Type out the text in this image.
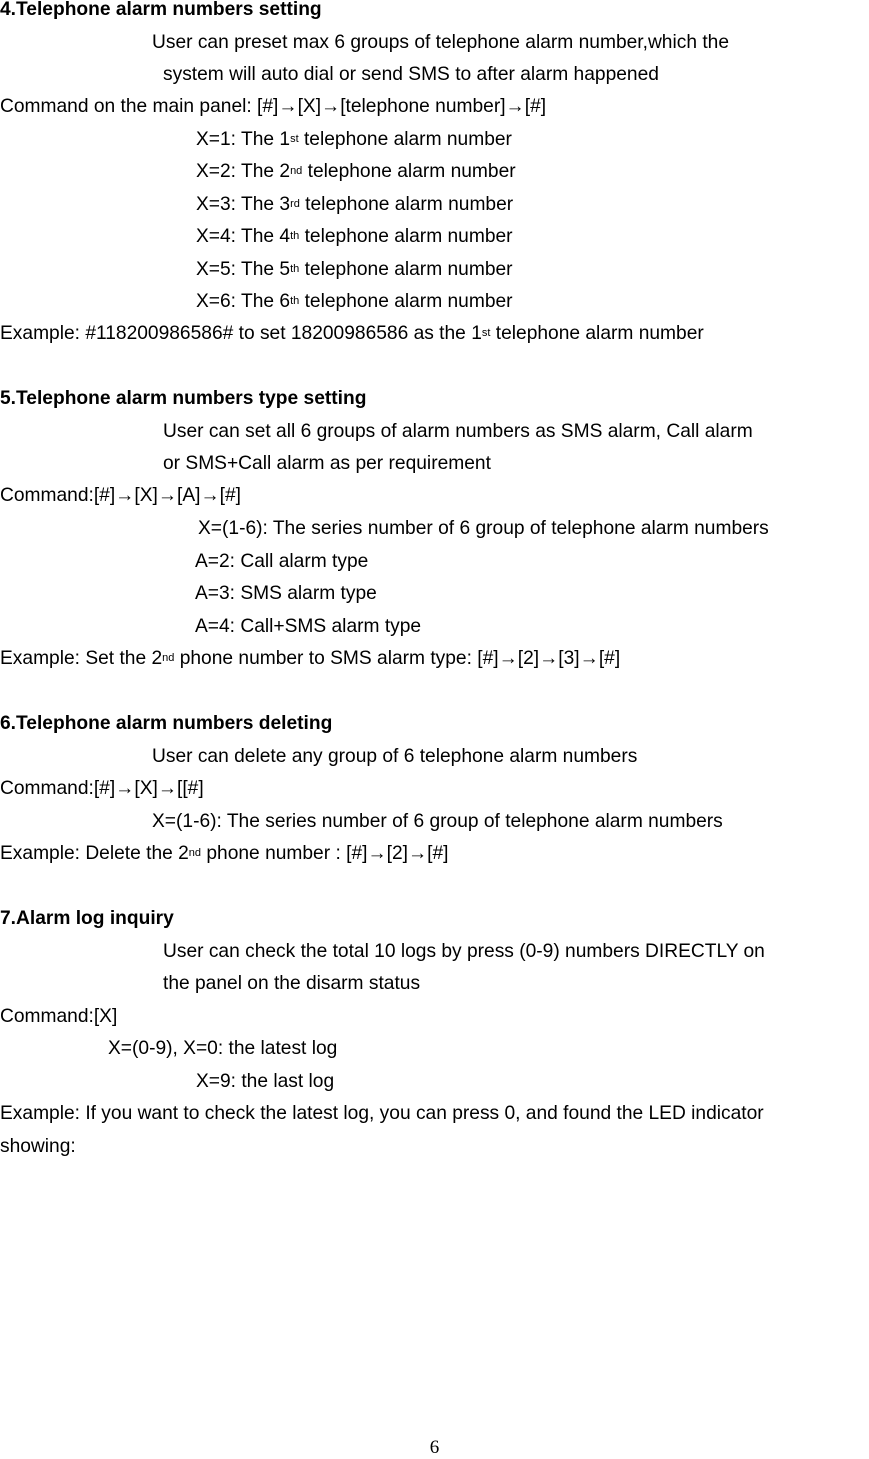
4.Telephone alarm numbers setting
User can preset max 6 groups of telephone alarm number,which the
system will auto dial or send SMS to after alarm happened
Command on the main panel: [#]→[X]→[telephone number]→[#]
X=1: The 1st telephone alarm number
X=2: The 2nd telephone alarm number
X=3: The 3rd telephone alarm number
X=4: The 4th telephone alarm number
X=5: The 5th telephone alarm number
X=6: The 6th telephone alarm number
Example: #118200986586# to set 18200986586 as the 1st telephone alarm number
5.Telephone alarm numbers type setting
User can set all 6 groups of alarm numbers as SMS alarm, Call alarm
or SMS+Call alarm as per requirement
Command:[#]→[X]→[A]→[#]
X=(1-6): The series number of 6 group of telephone alarm numbers
A=2: Call alarm type
A=3: SMS alarm type
A=4: Call+SMS alarm type
Example: Set the 2nd phone number to SMS alarm type: [#]→[2]→[3]→[#]
6.Telephone alarm numbers deleting
User can delete any group of 6 telephone alarm numbers
Command:[#]→[X]→[[#]
X=(1-6): The series number of 6 group of telephone alarm numbers
Example: Delete the 2nd phone number : [#]→[2]→[#]
7.Alarm log inquiry
User can check the total 10 logs by press (0-9) numbers DIRECTLY on
the panel on the disarm status
Command:[X]
X=(0-9), X=0: the latest log
X=9: the last log
Example: If you want to check the latest log, you can press 0, and found the LED indicator
showing:
6
